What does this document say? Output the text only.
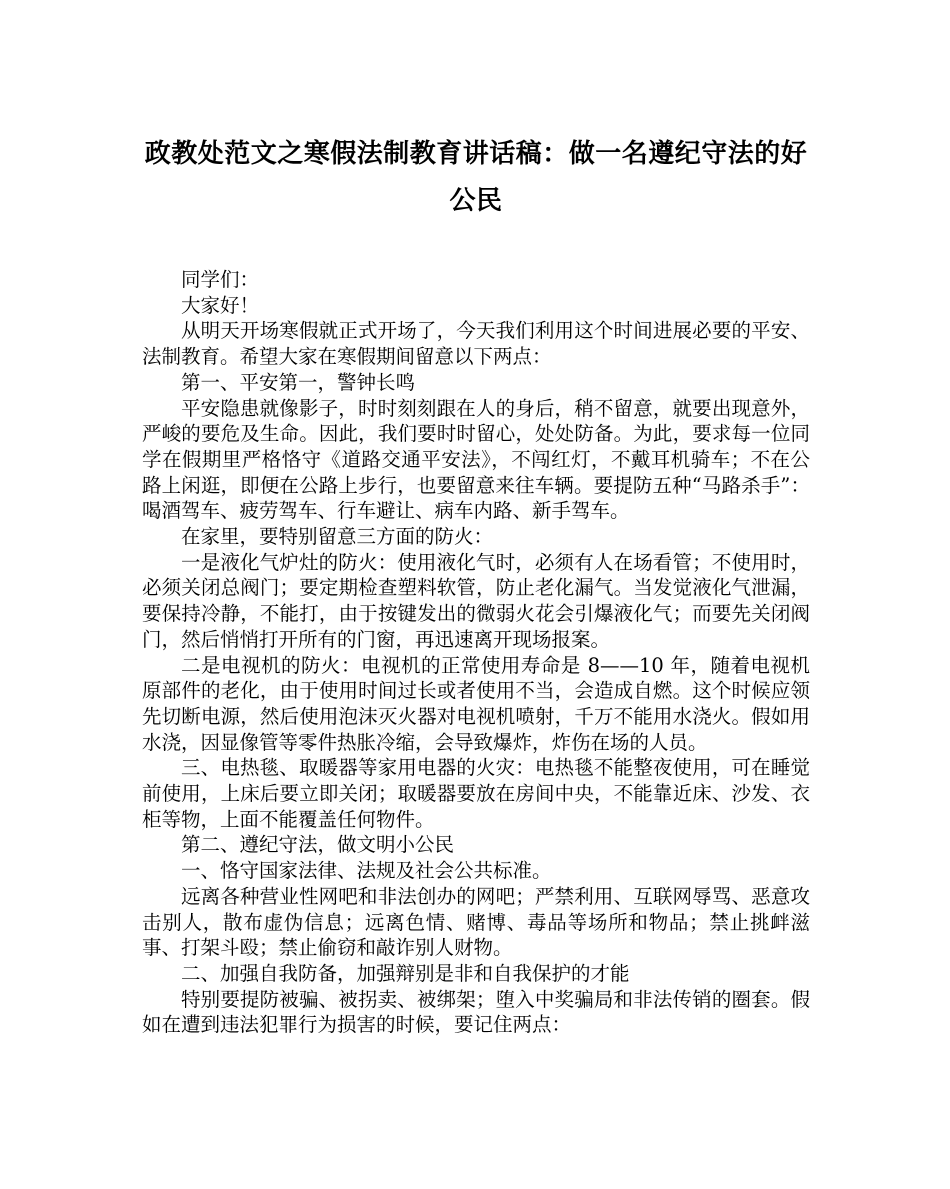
政教处范文之寒假法制教育讲话稿：做一名遵纪守法的好公民

同学们：

大家好！

从明天开场寒假就正式开场了，今天我们利用这个时间进展必要的平安、法制教育。希望大家在寒假期间留意以下两点：

第一、平安第一，警钟长鸣

平安隐患就像影子，时时刻刻跟在人的身后，稍不留意，就要出现意外，严峻的要危及生命。因此，我们要时时留心，处处防备。为此，要求每一位同学在假期里严格恪守《道路交通平安法》，不闯红灯，不戴耳机骑车；不在公路上闲逛，即便在公路上步行，也要留意来往车辆。要提防五种“马路杀手”：喝酒驾车、疲劳驾车、行车避让、病车内路、新手驾车。

在家里，要特别留意三方面的防火：

一是液化气炉灶的防火：使用液化气时，必须有人在场看管；不使用时，必须关闭总阀门；要定期检查塑料软管，防止老化漏气。当发觉液化气泄漏，要保持冷静，不能打，由于按键发出的微弱火花会引爆液化气；而要先关闭阀门，然后悄悄打开所有的门窗，再迅速离开现场报案。

二是电视机的防火：电视机的正常使用寿命是 8——10 年，随着电视机原部件的老化，由于使用时间过长或者使用不当，会造成自燃。这个时候应领先切断电源，然后使用泡沫灭火器对电视机喷射，千万不能用水浇火。假如用水浇，因显像管等零件热胀冷缩，会导致爆炸，炸伤在场的人员。

三、电热毯、取暖器等家用电器的火灾：电热毯不能整夜使用，可在睡觉前使用，上床后要立即关闭；取暖器要放在房间中央，不能靠近床、沙发、衣柜等物，上面不能覆盖任何物件。

第二、遵纪守法，做文明小公民

一、恪守国家法律、法规及社会公共标准。

远离各种营业性网吧和非法创办的网吧；严禁利用、互联网辱骂、恶意攻击别人，散布虚伪信息；远离色情、赌博、毒品等场所和物品；禁止挑衅滋事、打架斗殴；禁止偷窃和敲诈别人财物。

二、加强自我防备，加强辩别是非和自我保护的才能

特别要提防被骗、被拐卖、被绑架；堕入中奖骗局和非法传销的圈套。假如在遭到违法犯罪行为损害的时候，要记住两点：
